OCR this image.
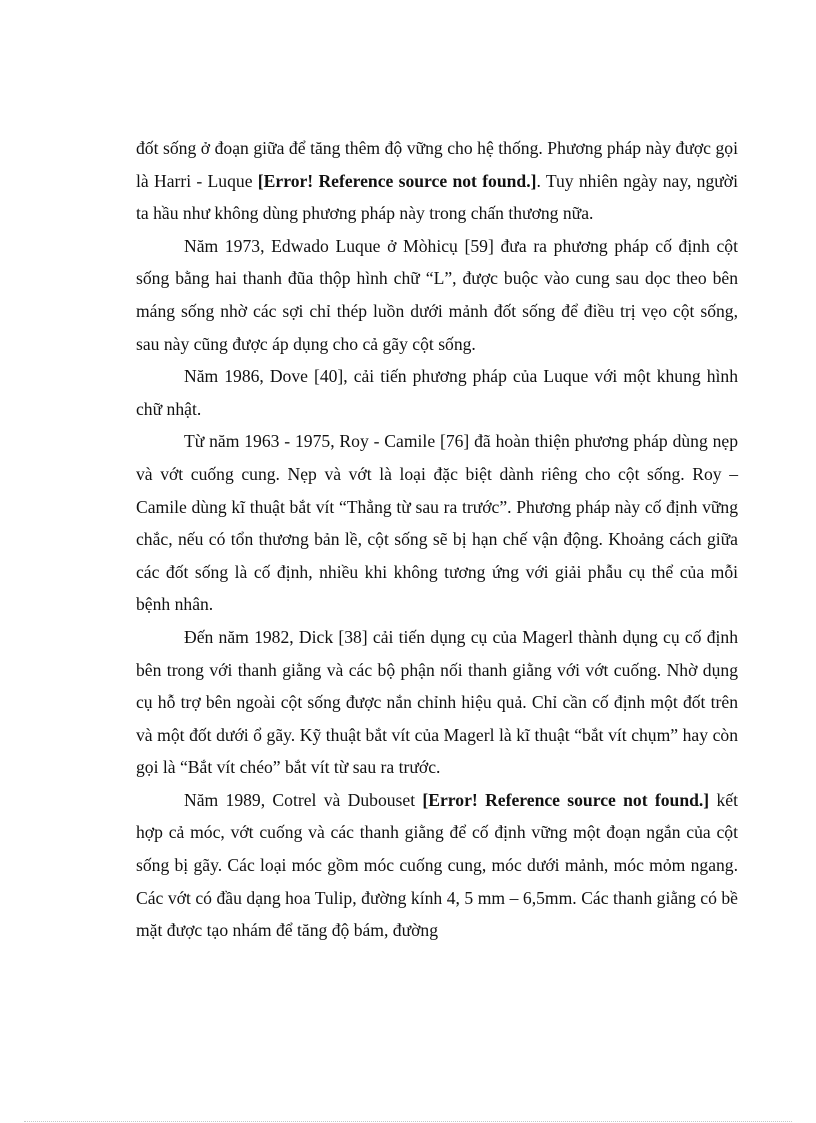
đốt sống ở đoạn giữa để tăng thêm độ vững cho hệ thống. Phương pháp này được gọi là Harri - Luque [Error! Reference source not found.]. Tuy nhiên ngày nay, người ta hầu như không dùng phương pháp này trong chấn thương nữa.

Năm 1973, Edwado Luque ở Mòhicụ [59] đưa ra phương pháp cố định cột sống bằng hai thanh đũa thộp hình chữ “L”, được buộc vào cung sau dọc theo bên máng sống nhờ các sợi chỉ thép luồn dưới mảnh đốt sống để điều trị vẹo cột sống, sau này cũng được áp dụng cho cả gãy cột sống.

Năm 1986, Dove [40], cải tiến phương pháp của Luque với một khung hình chữ nhật.

Từ năm 1963 - 1975, Roy - Camile [76] đã hoàn thiện phương pháp dùng nẹp và vớt cuống cung. Nẹp và vớt là loại đặc biệt dành riêng cho cột sống. Roy – Camile dùng kĩ thuật bắt vít “Thẳng từ sau ra trước”. Phương pháp này cố định vững chắc, nếu có tổn thương bản lề, cột sống sẽ bị hạn chế vận động. Khoảng cách giữa các đốt sống là cố định, nhiều khi không tương ứng với giải phẫu cụ thể của mỗi bệnh nhân.

Đến năm 1982, Dick [38] cải tiến dụng cụ của Magerl thành dụng cụ cố định bên trong với thanh giằng và các bộ phận nối thanh giằng với vớt cuống. Nhờ dụng cụ hỗ trợ bên ngoài cột sống được nắn chỉnh hiệu quả. Chỉ cần cố định một đốt trên và một đốt dưới ổ gãy. Kỹ thuật bắt vít của Magerl là kĩ thuật “bắt vít chụm” hay còn gọi là “Bắt vít chéo” bắt vít từ sau ra trước.

Năm 1989, Cotrel và Dubouset [Error! Reference source not found.] kết hợp cả móc, vớt cuống và các thanh giằng để cố định vững một đoạn ngắn của cột sống bị gãy. Các loại móc gồm móc cuống cung, móc dưới mảnh, móc mỏm ngang. Các vớt có đầu dạng hoa Tulip, đường kính 4, 5 mm – 6,5mm. Các thanh giằng có bề mặt được tạo nhám để tăng độ bám, đường
